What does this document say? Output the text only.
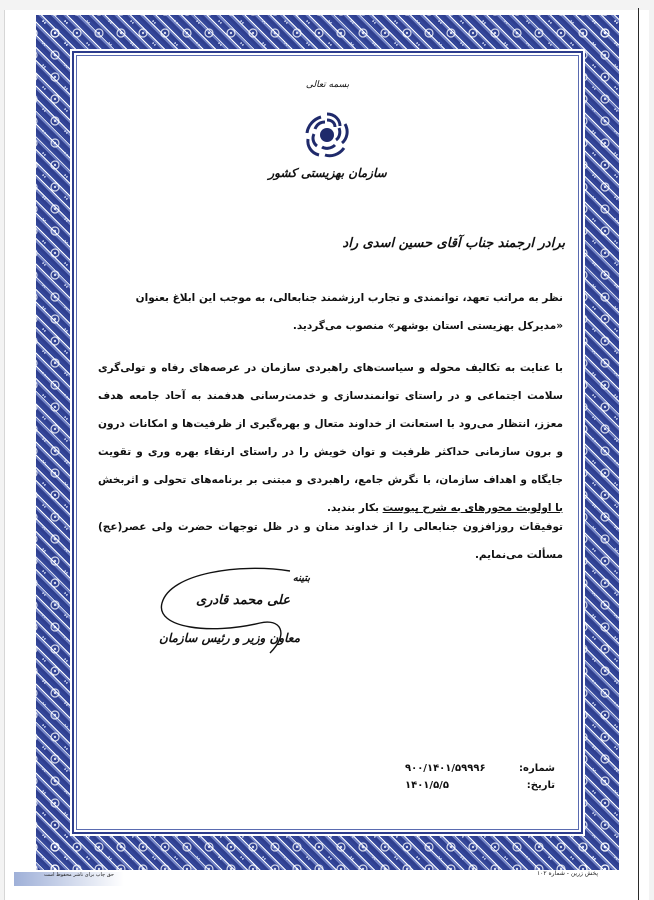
بسمه تعالی
سازمان بهزیستی کشور
برادر ارجمند جناب آقای حسین اسدی راد
نظر به مراتب تعهد، توانمندی و تجارب ارزشمند جنابعالی، به موجب این ابلاغ بعنوان
«مدیرکل بهزیستی استان بوشهر» منصوب می‌گردید.
با عنایت به تکالیف محوله و سیاست‌های راهبردی سازمان در عرصه‌های رفاه و تولی‌گری سلامت اجتماعی و در راستای توانمندسازی و خدمت‌رسانی هدفمند به آحاد جامعه هدف معزز، انتظار می‌رود با استعانت از خداوند متعال و بهره‌گیری از ظرفیت‌ها و امکانات درون و برون سازمانی حداکثر ظرفیت و توان خویش را در راستای ارتقاء بهره وری و تقویت جایگاه و اهداف سازمان، با نگرش جامع، راهبردی و مبتنی بر برنامه‌های تحولی و اثربخش با اولویت محورهای به شرح پیوست بکار بندید.
توفیقات روزافزون جنابعالی را از خداوند منان و در ظل توجهات حضرت ولی عصر(عج) مسألت می‌نمایم.
بتینه
علی محمد قادری
معاون وزیر و رئیس سازمان
شماره:
۹۰۰/۱۴۰۱/۵۹۹۹۶
تاریخ:
۱۴۰۱/۵/۵
پخش زرین - شماره ۱۰۲
حق چاپ برای ناشر محفوظ است
